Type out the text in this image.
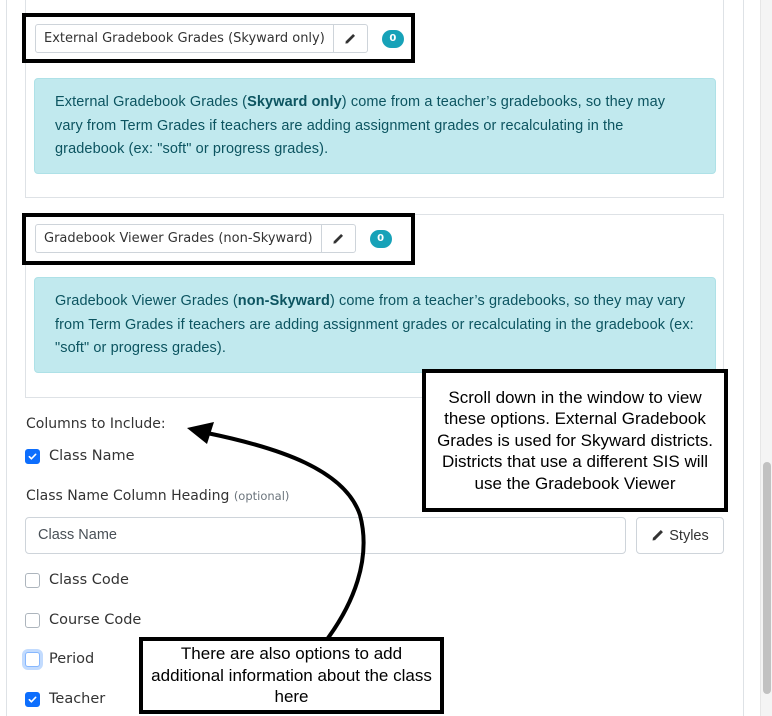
External Gradebook Grades (Skyward only)	0
External Gradebook Grades (Skyward only) come from a teacher’s gradebooks, so they may vary from Term Grades if teachers are adding assignment grades or recalculating in the gradebook (ex: "soft" or progress grades).
Gradebook Viewer Grades (non-Skyward)	0
Gradebook Viewer Grades (non-Skyward) come from a teacher’s gradebooks, so they may vary from Term Grades if teachers are adding assignment grades or recalculating in the gradebook (ex: "soft" or progress grades).
Columns to Include:
Class Name
Class Name Column Heading (optional)
Class Name	Styles
Class Code
Course Code
Period
Teacher
Scroll down in the window to view these options. External Gradebook Grades is used for Skyward districts. Districts that use a different SIS will use the Gradebook Viewer
There are also options to add additional information about the class here
